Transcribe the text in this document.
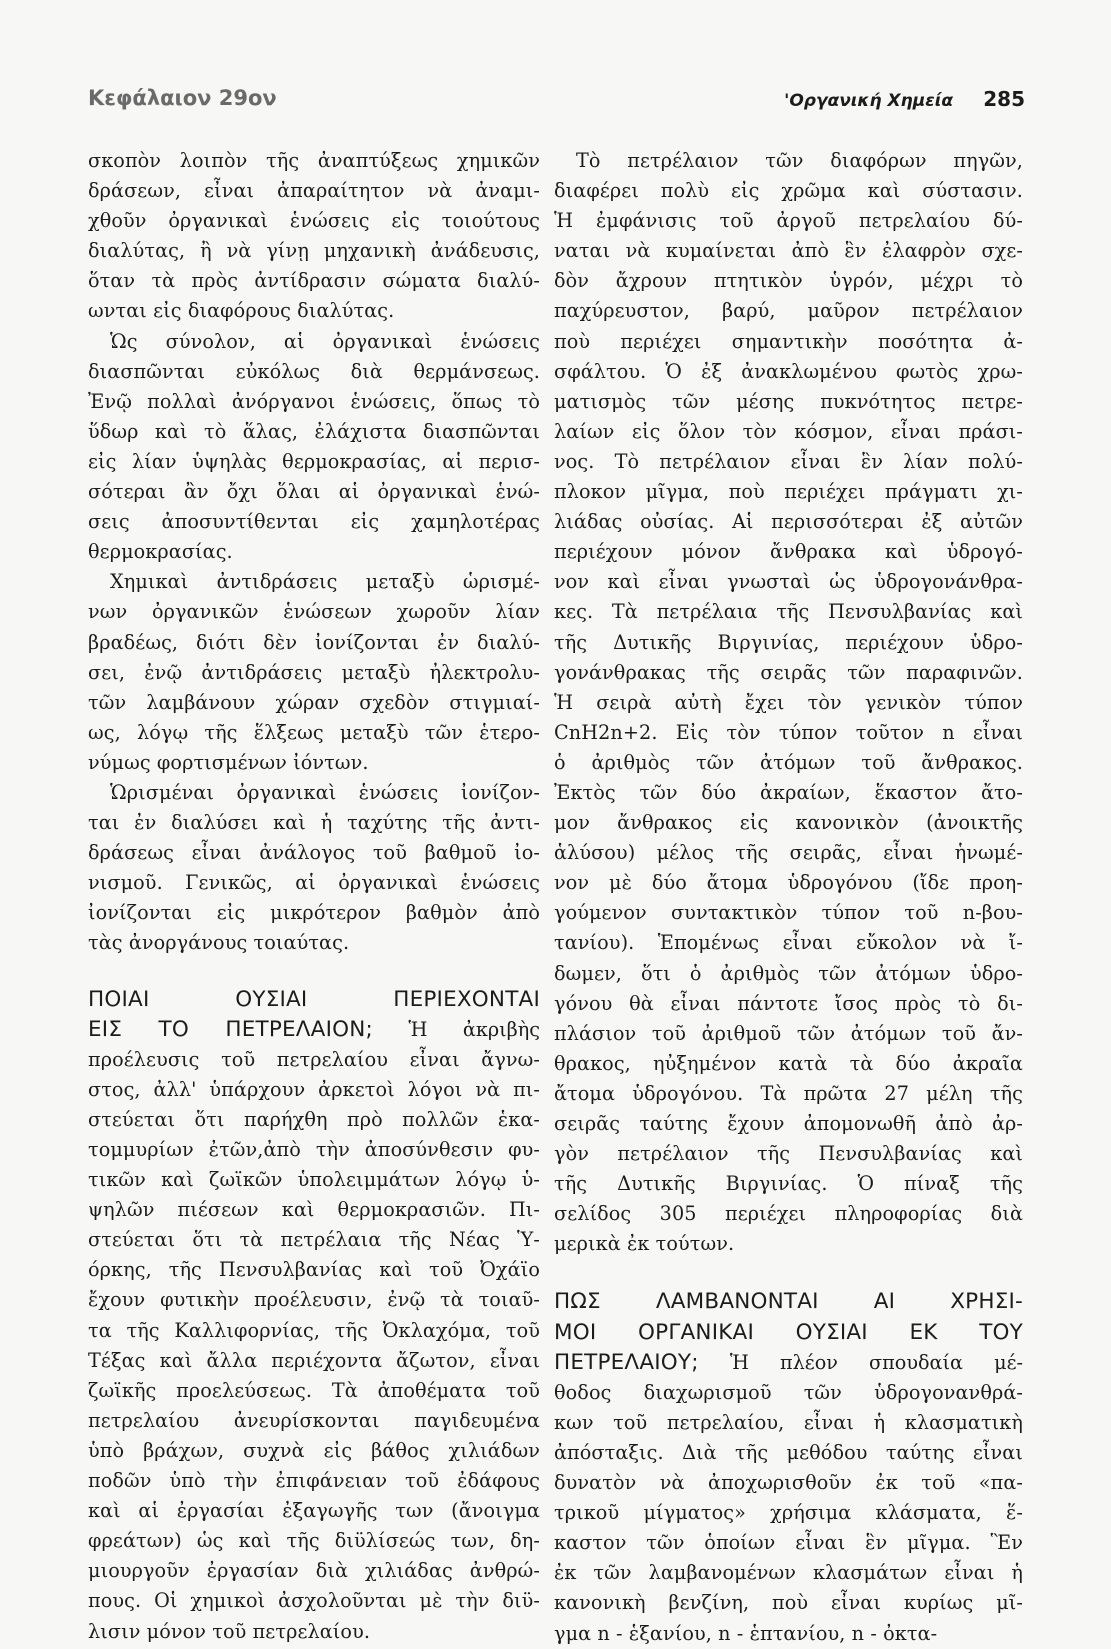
Κεφάλαιον 29ον	'Οργανική Χημεία 285

σκοπὸν λοιπὸν τῆς ἀναπτύξεως χημικῶν
δράσεων, εἶναι ἀπαραίτητον νὰ ἀναμι-
χθοῦν ὀργανικαὶ ἑνώσεις εἰς τοιούτους
διαλύτας, ἢ νὰ γίνῃ μηχανικὴ ἀνάδευσις,
ὅταν τὰ πρὸς ἀντίδρασιν σώματα διαλύ-
ωνται εἰς διαφόρους διαλύτας.

Ὡς σύνολον, αἱ ὀργανικαὶ ἑνώσεις
διασπῶνται εὐκόλως διὰ θερμάνσεως.
Ἐνῷ πολλαὶ ἀνόργανοι ἑνώσεις, ὅπως τὸ
ὕδωρ καὶ τὸ ἅλας, ἐλάχιστα διασπῶνται
εἰς λίαν ὑψηλὰς θερμοκρασίας, αἱ περισ-
σότεραι ἂν ὄχι ὅλαι αἱ ὀργανικαὶ ἑνώ-
σεις ἀποσυντίθενται εἰς χαμηλοτέρας
θερμοκρασίας.

Χημικαὶ ἀντιδράσεις μεταξὺ ὡρισμέ-
νων ὀργανικῶν ἑνώσεων χωροῦν λίαν
βραδέως, διότι δὲν ἰονίζονται ἐν διαλύ-
σει, ἐνῷ ἀντιδράσεις μεταξὺ ἠλεκτρολυ-
τῶν λαμβάνουν χώραν σχεδὸν στιγμιαί-
ως, λόγῳ τῆς ἕλξεως μεταξὺ τῶν ἑτερο-
νύμως φορτισμένων ἰόντων.

Ὡρισμέναι ὀργανικαὶ ἑνώσεις ἰονίζον-
ται ἐν διαλύσει καὶ ἡ ταχύτης τῆς ἀντι-
δράσεως εἶναι ἀνάλογος τοῦ βαθμοῦ ἰο-
νισμοῦ. Γενικῶς, αἱ ὀργανικαὶ ἑνώσεις
ἰονίζονται εἰς μικρότερον βαθμὸν ἀπὸ
τὰς ἀνοργάνους τοιαύτας.

ΠΟΙΑΙ ΟΥΣΙΑΙ ΠΕΡΙΕΧΟΝΤΑΙ
ΕΙΣ ΤΟ ΠΕΤΡΕΛΑΙΟΝ; Ἡ ἀκριβὴς

προέλευσις τοῦ πετρελαίου εἶναι ἄγνω-
στος, ἀλλ' ὑπάρχουν ἀρκετοὶ λόγοι νὰ πι-
στεύεται ὅτι παρήχθη πρὸ πολλῶν ἑκα-
τομμυρίων ἐτῶν,ἀπὸ τὴν ἀποσύνθεσιν φυ-
τικῶν καὶ ζωϊκῶν ὑπολειμμάτων λόγῳ ὑ-
ψηλῶν πιέσεων καὶ θερμοκρασιῶν. Πι-
στεύεται ὅτι τὰ πετρέλαια τῆς Νέας Ὑ-
όρκης, τῆς Πενσυλβανίας καὶ τοῦ Ὀχάϊο
ἔχουν φυτικὴν προέλευσιν, ἐνῷ τὰ τοιαῦ-
τα τῆς Καλλιφορνίας, τῆς Ὀκλαχόμα, τοῦ
Τέξας καὶ ἄλλα περιέχοντα ἄζωτον, εἶναι
ζωϊκῆς προελεύσεως. Τὰ ἀποθέματα τοῦ
πετρελαίου ἀνευρίσκονται παγιδευμένα
ὑπὸ βράχων, συχνὰ εἰς βάθος χιλιάδων
ποδῶν ὑπὸ τὴν ἐπιφάνειαν τοῦ ἐδάφους
καὶ αἱ ἐργασίαι ἐξαγωγῆς των (ἄνοιγμα
φρεάτων) ὡς καὶ τῆς διϋλίσεώς των, δη-
μιουργοῦν ἐργασίαν διὰ χιλιάδας ἀνθρώ-
πους. Οἱ χημικοὶ ἀσχολοῦνται μὲ τὴν διϋ-
λισιν μόνον τοῦ πετρελαίου.

Τὸ πετρέλαιον τῶν διαφόρων πηγῶν,
διαφέρει πολὺ εἰς χρῶμα καὶ σύστασιν.
Ἡ ἐμφάνισις τοῦ ἀργοῦ πετρελαίου δύ-
ναται νὰ κυμαίνεται ἀπὸ ἓν ἐλαφρὸν σχε-
δὸν ἄχρουν πτητικὸν ὑγρόν, μέχρι τὸ
παχύρευστον, βαρύ, μαῦρον πετρέλαιον
ποὺ περιέχει σημαντικὴν ποσότητα ἀ-
σφάλτου. Ὁ ἐξ ἀνακλωμένου φωτὸς χρω-
ματισμὸς τῶν μέσης πυκνότητος πετρε-
λαίων εἰς ὅλον τὸν κόσμον, εἶναι πράσι-
νος. Τὸ πετρέλαιον εἶναι ἓν λίαν πολύ-
πλοκον μῖγμα, ποὺ περιέχει πράγματι χι-
λιάδας οὐσίας. Αἱ περισσότεραι ἐξ αὐτῶν
περιέχουν μόνον ἄνθρακα καὶ ὑδρογό-
νον καὶ εἶναι γνωσταὶ ὡς ὑδρογονάνθρα-
κες. Τὰ πετρέλαια τῆς Πενσυλβανίας καὶ
τῆς Δυτικῆς Βιργινίας, περιέχουν ὑδρο-
γονάνθρακας τῆς σειρᾶς τῶν παραφινῶν.
Ἡ σειρὰ αὐτὴ ἔχει τὸν γενικὸν τύπον
CnH2n+2. Εἰς τὸν τύπον τοῦτον n εἶναι
ὁ ἀριθμὸς τῶν ἀτόμων τοῦ ἄνθρακος.
Ἐκτὸς τῶν δύο ἀκραίων, ἕκαστον ἄτο-
μον ἄνθρακος εἰς κανονικὸν (ἀνοικτῆς
ἁλύσου) μέλος τῆς σειρᾶς, εἶναι ἡνωμέ-
νον μὲ δύο ἄτομα ὑδρογόνου (ἴδε προη-
γούμενον συντακτικὸν τύπον τοῦ n-βου-
τανίου). Ἑπομένως εἶναι εὔκολον νὰ ἴ-
δωμεν, ὅτι ὁ ἀριθμὸς τῶν ἀτόμων ὑδρο-
γόνου θὰ εἶναι πάντοτε ἴσος πρὸς τὸ δι-
πλάσιον τοῦ ἀριθμοῦ τῶν ἀτόμων τοῦ ἄν-
θρακος, ηὐξημένον κατὰ τὰ δύο ἀκραῖα
ἄτομα ὑδρογόνου. Τὰ πρῶτα 27 μέλη τῆς
σειρᾶς ταύτης ἔχουν ἀπομονωθῆ ἀπὸ ἀρ-
γὸν πετρέλαιον τῆς Πενσυλβανίας καὶ
τῆς Δυτικῆς Βιργινίας. Ὁ πίναξ τῆς
σελίδος 305 περιέχει πληροφορίας διὰ
μερικὰ ἐκ τούτων.

ΠΩΣ ΛΑΜΒΑΝΟΝΤΑΙ ΑΙ ΧΡΗΣΙ-
ΜΟΙ ΟΡΓΑΝΙΚΑΙ ΟΥΣΙΑΙ ΕΚ ΤΟΥ
ΠΕΤΡΕΛΑΙΟΥ; Ἡ πλέον σπουδαία μέ-

θοδος διαχωρισμοῦ τῶν ὑδρογονανθρά-
κων τοῦ πετρελαίου, εἶναι ἡ κλασματικὴ
ἀπόσταξις. Διὰ τῆς μεθόδου ταύτης εἶναι
δυνατὸν νὰ ἀποχωρισθοῦν ἐκ τοῦ «πα-
τρικοῦ μίγματος» χρήσιμα κλάσματα, ἕ-
καστον τῶν ὁποίων εἶναι ἓν μῖγμα. Ἓν
ἐκ τῶν λαμβανομένων κλασμάτων εἶναι ἡ
κανονικὴ βενζίνη, ποὺ εἶναι κυρίως μῖ-
γμα n - ἑξανίου, n - ἑπτανίου, n - ὀκτα-
